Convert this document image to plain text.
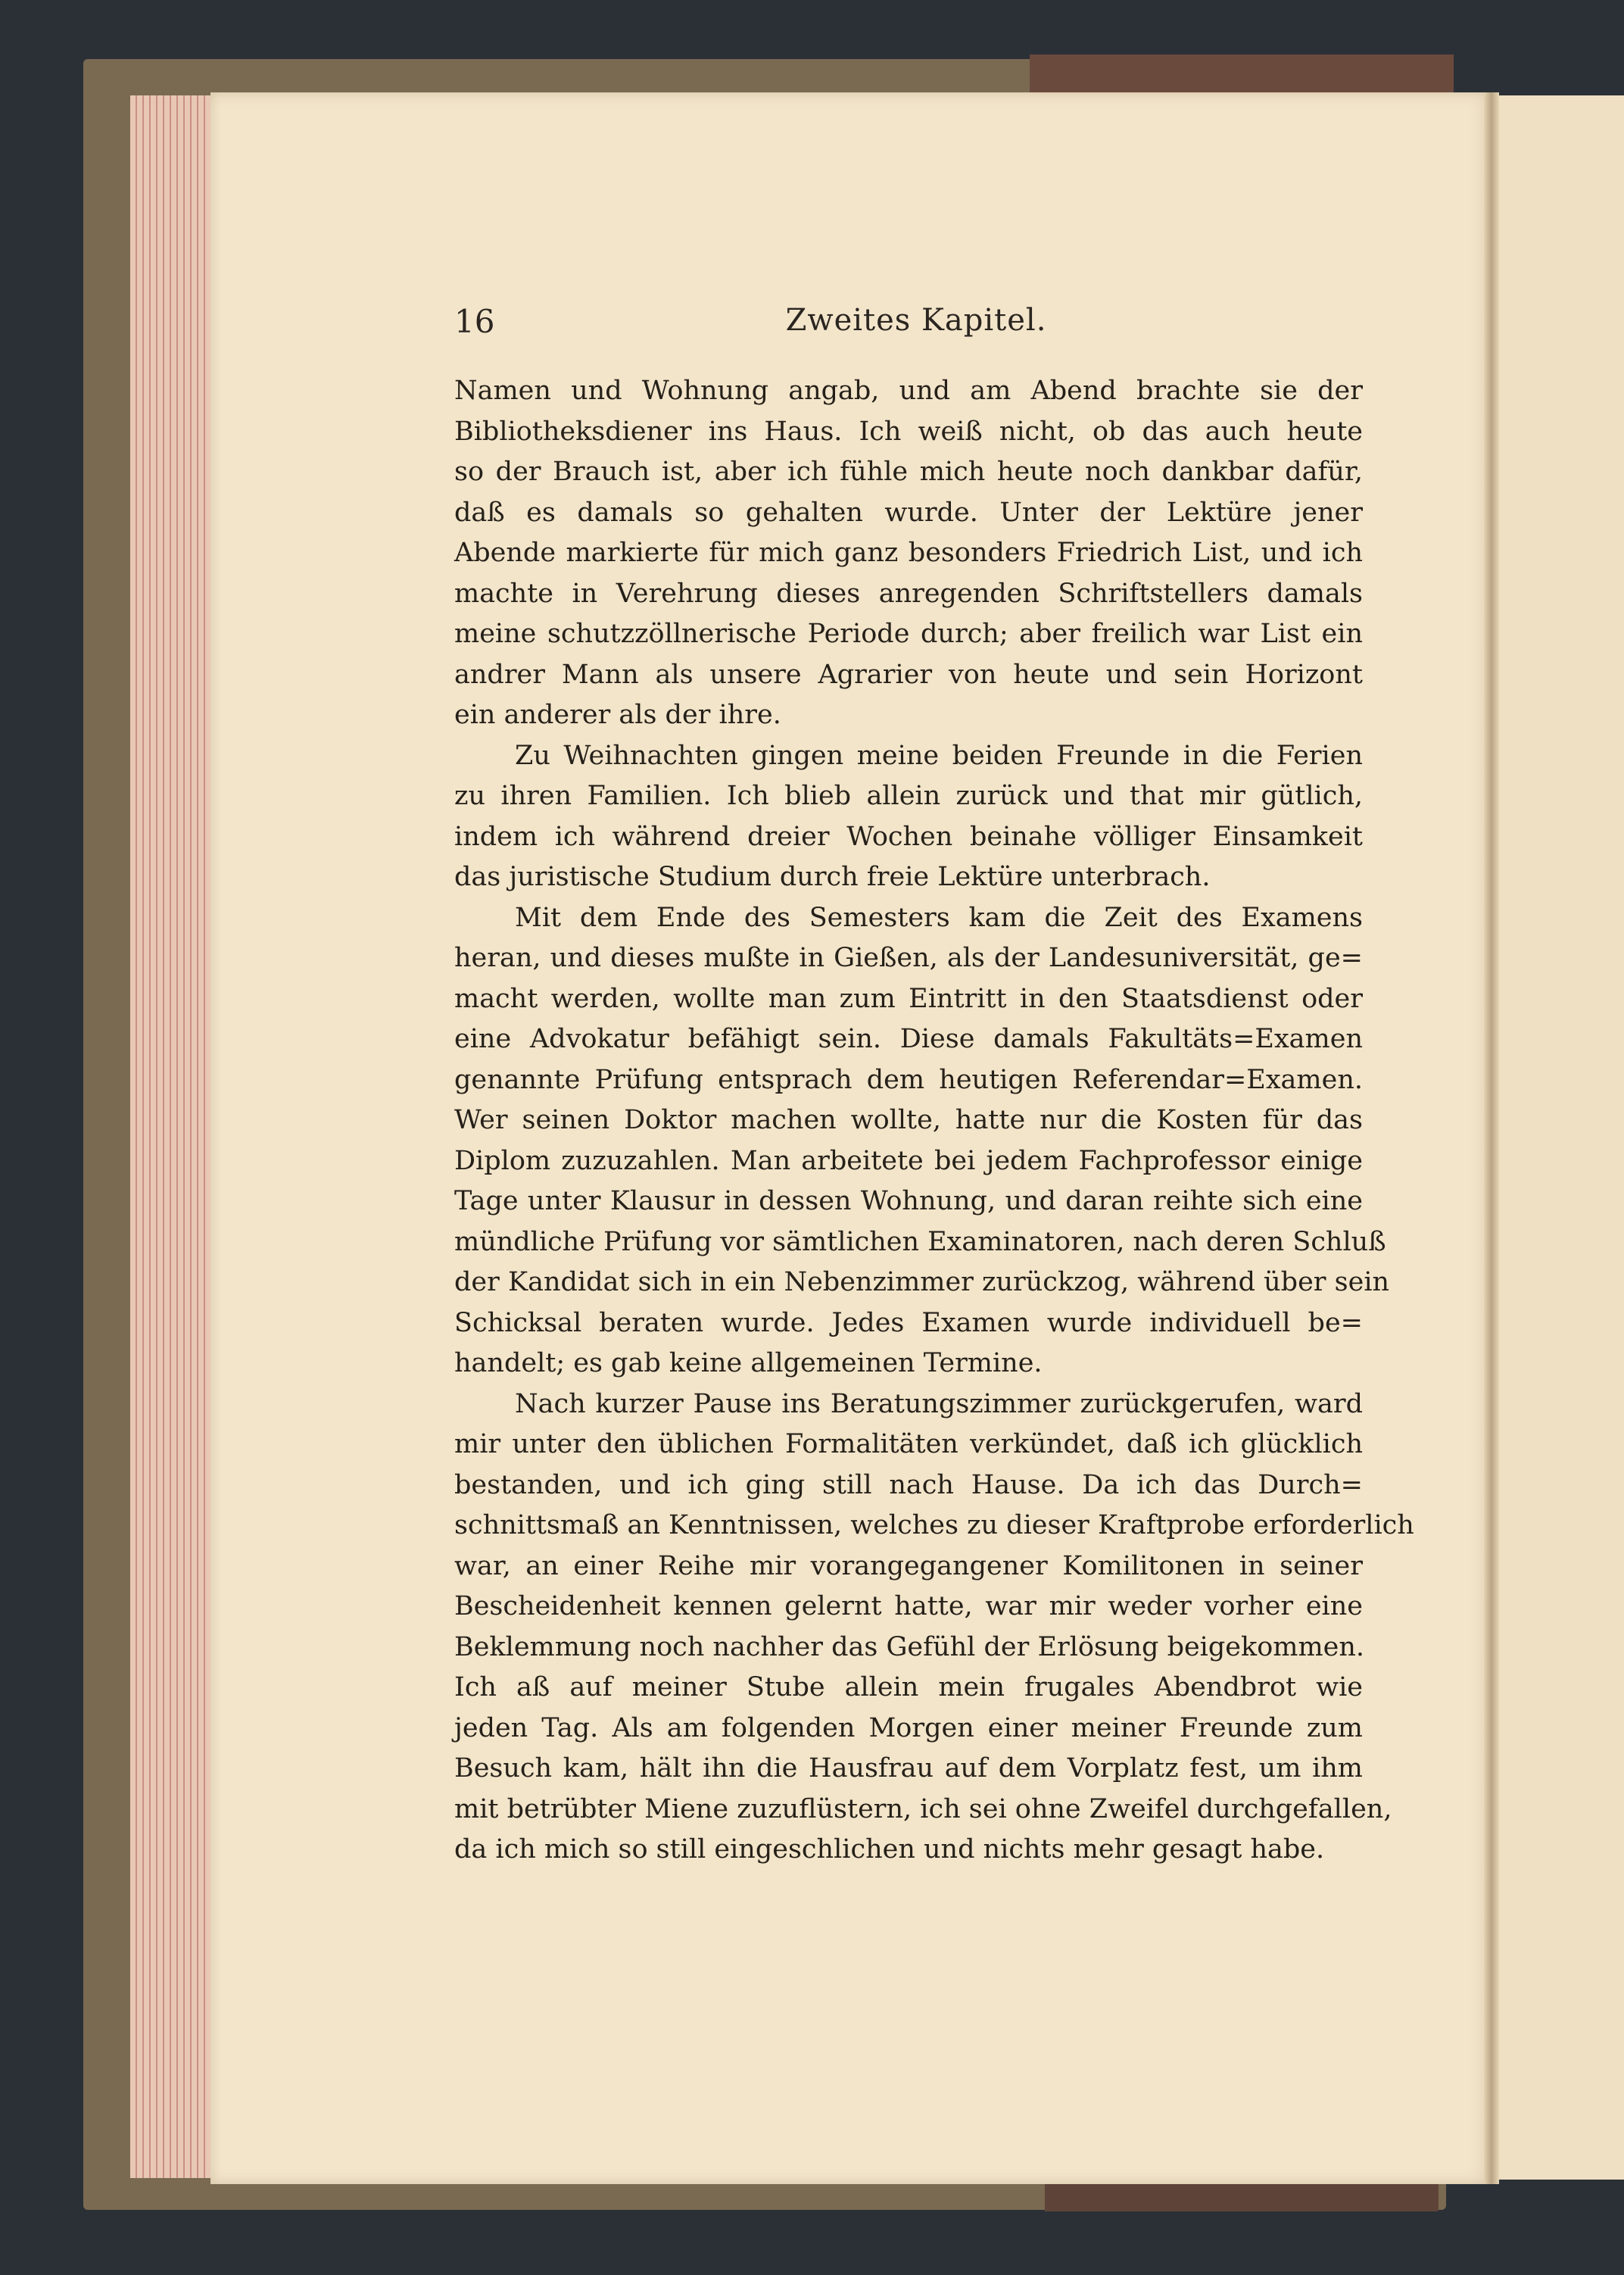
16	Zweites Kapitel.
Namen und Wohnung angab, und am Abend brachte sie der
Bibliotheksdiener ins Haus. Ich weiß nicht, ob das auch heute
so der Brauch ist, aber ich fühle mich heute noch dankbar dafür,
daß es damals so gehalten wurde. Unter der Lektüre jener
Abende markierte für mich ganz besonders Friedrich List, und ich
machte in Verehrung dieses anregenden Schriftstellers damals
meine schutzzöllnerische Periode durch; aber freilich war List ein
andrer Mann als unsere Agrarier von heute und sein Horizont
ein anderer als der ihre.
Zu Weihnachten gingen meine beiden Freunde in die Ferien
zu ihren Familien. Ich blieb allein zurück und that mir gütlich,
indem ich während dreier Wochen beinahe völliger Einsamkeit
das juristische Studium durch freie Lektüre unterbrach.
Mit dem Ende des Semesters kam die Zeit des Examens
heran, und dieses mußte in Gießen, als der Landesuniversität, ge=
macht werden, wollte man zum Eintritt in den Staatsdienst oder
eine Advokatur befähigt sein. Diese damals Fakultäts=Examen
genannte Prüfung entsprach dem heutigen Referendar=Examen.
Wer seinen Doktor machen wollte, hatte nur die Kosten für das
Diplom zuzuzahlen. Man arbeitete bei jedem Fachprofessor einige
Tage unter Klausur in dessen Wohnung, und daran reihte sich eine
mündliche Prüfung vor sämtlichen Examinatoren, nach deren Schluß
der Kandidat sich in ein Nebenzimmer zurückzog, während über sein
Schicksal beraten wurde. Jedes Examen wurde individuell be=
handelt; es gab keine allgemeinen Termine.
Nach kurzer Pause ins Beratungszimmer zurückgerufen, ward
mir unter den üblichen Formalitäten verkündet, daß ich glücklich
bestanden, und ich ging still nach Hause. Da ich das Durch=
schnittsmaß an Kenntnissen, welches zu dieser Kraftprobe erforderlich
war, an einer Reihe mir vorangegangener Komilitonen in seiner
Bescheidenheit kennen gelernt hatte, war mir weder vorher eine
Beklemmung noch nachher das Gefühl der Erlösung beigekommen.
Ich aß auf meiner Stube allein mein frugales Abendbrot wie
jeden Tag. Als am folgenden Morgen einer meiner Freunde zum
Besuch kam, hält ihn die Hausfrau auf dem Vorplatz fest, um ihm
mit betrübter Miene zuzuflüstern, ich sei ohne Zweifel durchgefallen,
da ich mich so still eingeschlichen und nichts mehr gesagt habe.
